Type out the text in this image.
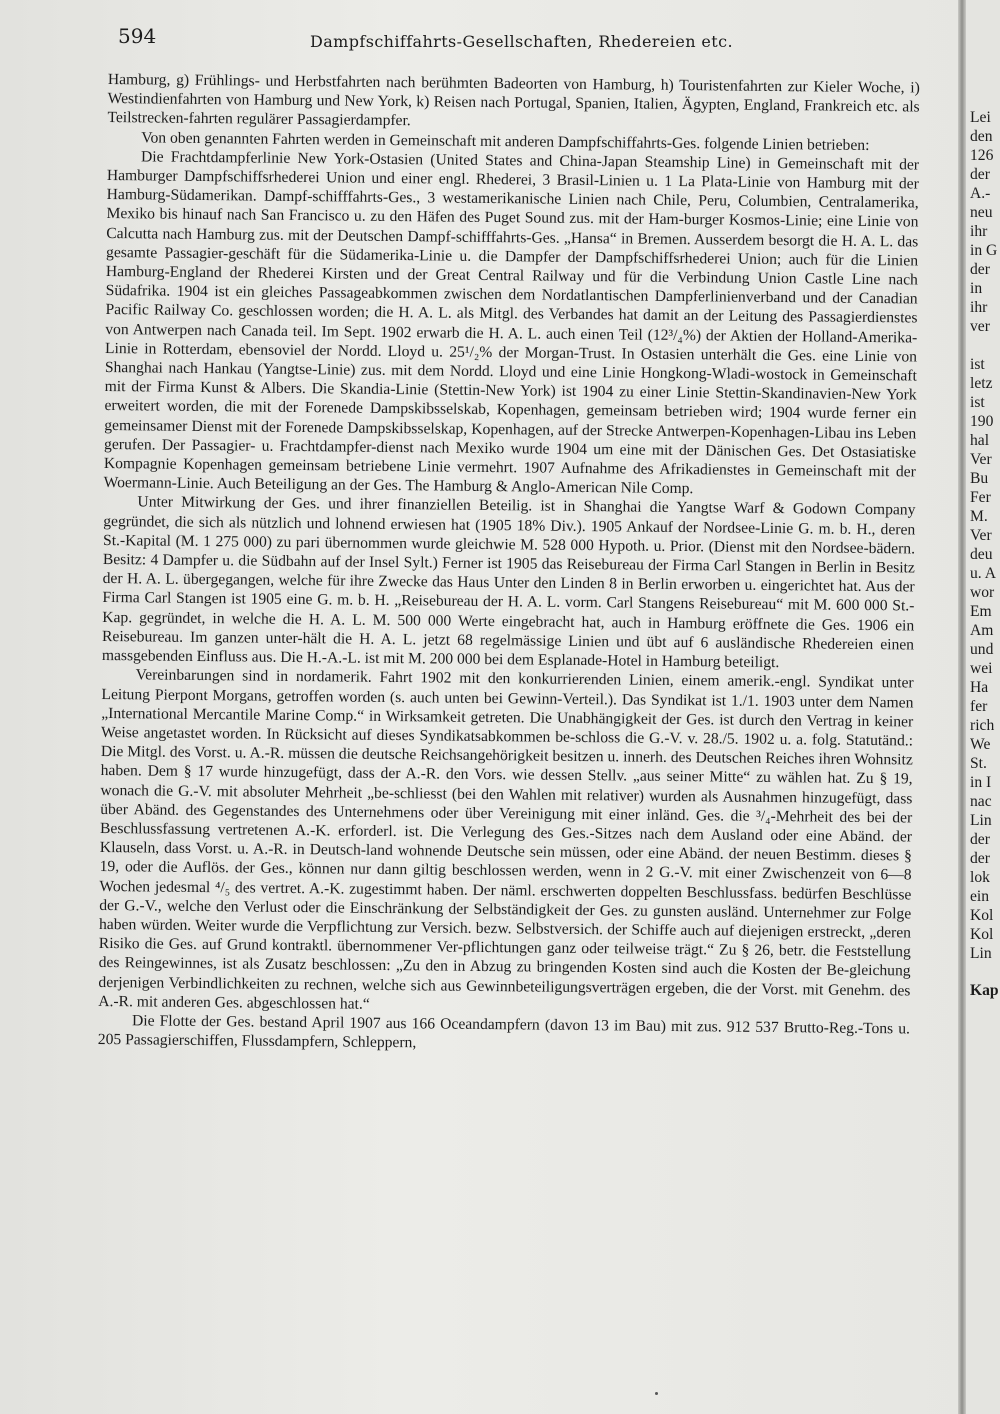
594	Dampfschiffahrts-Gesellschaften, Rhedereien etc.

Hamburg, g) Frühlings- und Herbstfahrten nach berühmten Badeorten von Hamburg, h) Touristenfahrten zur Kieler Woche, i) Westindienfahrten von Hamburg und New York, k) Reisen nach Portugal, Spanien, Italien, Ägypten, England, Frankreich etc. als Teilstrecken-fahrten regulärer Passagierdampfer.

Von oben genannten Fahrten werden in Gemeinschaft mit anderen Dampfschiffahrts-Ges. folgende Linien betrieben:

Die Frachtdampferlinie New York-Ostasien (United States and China-Japan Steamship Line) in Gemeinschaft mit der Hamburger Dampfschiffsrhederei Union und einer engl. Rhederei, 3 Brasil-Linien u. 1 La Plata-Linie von Hamburg mit der Hamburg-Südamerikan. Dampf-schifffahrts-Ges., 3 westamerikanische Linien nach Chile, Peru, Columbien, Centralamerika, Mexiko bis hinauf nach San Francisco u. zu den Häfen des Puget Sound zus. mit der Ham-burger Kosmos-Linie; eine Linie von Calcutta nach Hamburg zus. mit der Deutschen Dampf-schifffahrts-Ges. „Hansa“ in Bremen. Ausserdem besorgt die H. A. L. das gesamte Passagier-geschäft für die Südamerika-Linie u. die Dampfer der Dampfschiffsrhederei Union; auch für die Linien Hamburg-England der Rhederei Kirsten und der Great Central Railway und für die Verbindung Union Castle Line nach Südafrika. 1904 ist ein gleiches Passageabkommen zwischen dem Nordatlantischen Dampferlinienverband und der Canadian Pacific Railway Co. geschlossen worden; die H. A. L. als Mitgl. des Verbandes hat damit an der Leitung des Passagierdienstes von Antwerpen nach Canada teil. Im Sept. 1902 erwarb die H. A. L. auch einen Teil (12³/₄%) der Aktien der Holland-Amerika-Linie in Rotterdam, ebensoviel der Nordd. Lloyd u. 25¹/₂% der Morgan-Trust. In Ostasien unterhält die Ges. eine Linie von Shanghai nach Hankau (Yangtse-Linie) zus. mit dem Nordd. Lloyd und eine Linie Hongkong-Wladi-wostock in Gemeinschaft mit der Firma Kunst & Albers. Die Skandia-Linie (Stettin-New York) ist 1904 zu einer Linie Stettin-Skandinavien-New York erweitert worden, die mit der Forenede Dampskibsselskab, Kopenhagen, gemeinsam betrieben wird; 1904 wurde ferner ein gemeinsamer Dienst mit der Forenede Dampskibsselskap, Kopenhagen, auf der Strecke Antwerpen-Kopenhagen-Libau ins Leben gerufen. Der Passagier- u. Frachtdampfer-dienst nach Mexiko wurde 1904 um eine mit der Dänischen Ges. Det Ostasiatiske Kompagnie Kopenhagen gemeinsam betriebene Linie vermehrt. 1907 Aufnahme des Afrikadienstes in Gemeinschaft mit der Woermann-Linie. Auch Beteiligung an der Ges. The Hamburg & Anglo-American Nile Comp.

Unter Mitwirkung der Ges. und ihrer finanziellen Beteilig. ist in Shanghai die Yangtse Warf & Godown Company gegründet, die sich als nützlich und lohnend erwiesen hat (1905 18% Div.). 1905 Ankauf der Nordsee-Linie G. m. b. H., deren St.-Kapital (M. 1 275 000) zu pari übernommen wurde gleichwie M. 528 000 Hypoth. u. Prior. (Dienst mit den Nordsee-bädern. Besitz: 4 Dampfer u. die Südbahn auf der Insel Sylt.) Ferner ist 1905 das Reisebureau der Firma Carl Stangen in Berlin in Besitz der H. A. L. übergegangen, welche für ihre Zwecke das Haus Unter den Linden 8 in Berlin erworben u. eingerichtet hat. Aus der Firma Carl Stangen ist 1905 eine G. m. b. H. „Reisebureau der H. A. L. vorm. Carl Stangens Reisebureau“ mit M. 600 000 St.-Kap. gegründet, in welche die H. A. L. M. 500 000 Werte eingebracht hat, auch in Hamburg eröffnete die Ges. 1906 ein Reisebureau. Im ganzen unter-hält die H. A. L. jetzt 68 regelmässige Linien und übt auf 6 ausländische Rhedereien einen massgebenden Einfluss aus. Die H.-A.-L. ist mit M. 200 000 bei dem Esplanade-Hotel in Hamburg beteiligt.

Vereinbarungen sind in nordamerik. Fahrt 1902 mit den konkurrierenden Linien, einem amerik.-engl. Syndikat unter Leitung Pierpont Morgans, getroffen worden (s. auch unten bei Gewinn-Verteil.). Das Syndikat ist 1./1. 1903 unter dem Namen „International Mercantile Marine Comp.“ in Wirksamkeit getreten. Die Unabhängigkeit der Ges. ist durch den Vertrag in keiner Weise angetastet worden. In Rücksicht auf dieses Syndikatsabkommen be-schloss die G.-V. v. 28./5. 1902 u. a. folg. Statutänd.: Die Mitgl. des Vorst. u. A.-R. müssen die deutsche Reichsangehörigkeit besitzen u. innerh. des Deutschen Reiches ihren Wohnsitz haben. Dem § 17 wurde hinzugefügt, dass der A.-R. den Vors. wie dessen Stellv. „aus seiner Mitte“ zu wählen hat. Zu § 19, wonach die G.-V. mit absoluter Mehrheit „be-schliesst (bei den Wahlen mit relativer) wurden als Ausnahmen hinzugefügt, dass über Abänd. des Gegenstandes des Unternehmens oder über Vereinigung mit einer inländ. Ges. die ³/₄-Mehrheit des bei der Beschlussfassung vertretenen A.-K. erforderl. ist. Die Verlegung des Ges.-Sitzes nach dem Ausland oder eine Abänd. der Klauseln, dass Vorst. u. A.-R. in Deutsch-land wohnende Deutsche sein müssen, oder eine Abänd. der neuen Bestimm. dieses § 19, oder die Auflös. der Ges., können nur dann giltig beschlossen werden, wenn in 2 G.-V. mit einer Zwischenzeit von 6—8 Wochen jedesmal ⁴/₅ des vertret. A.-K. zugestimmt haben. Der näml. erschwerten doppelten Beschlussfass. bedürfen Beschlüsse der G.-V., welche den Verlust oder die Einschränkung der Selbständigkeit der Ges. zu gunsten ausländ. Unternehmer zur Folge haben würden. Weiter wurde die Verpflichtung zur Versich. bezw. Selbstversich. der Schiffe auch auf diejenigen erstreckt, „deren Risiko die Ges. auf Grund kontraktl. übernommener Ver-pflichtungen ganz oder teilweise trägt.“ Zu § 26, betr. die Feststellung des Reingewinnes, ist als Zusatz beschlossen: „Zu den in Abzug zu bringenden Kosten sind auch die Kosten der Be-gleichung derjenigen Verbindlichkeiten zu rechnen, welche sich aus Gewinnbeteiligungsverträgen ergeben, die der Vorst. mit Genehm. des A.-R. mit anderen Ges. abgeschlossen hat.“

Die Flotte der Ges. bestand April 1907 aus 166 Oceandampfern (davon 13 im Bau) mit zus. 912 537 Brutto-Reg.-Tons u. 205 Passagierschiffen, Flussdampfern, Schleppern,

Lei

den

126

der

A.-

neu

ihr

in G

der

in

ihr

ver

ist

letz

ist

190

hal

Ver

Bu

Fer

M.

Ver

deu

u. A

wor

Em

Am

und

wei

Ha

fer

rich

We

St.

in I

nac

Lin

der

der

lok

ein

Kol

Kol

Lin

Kap
